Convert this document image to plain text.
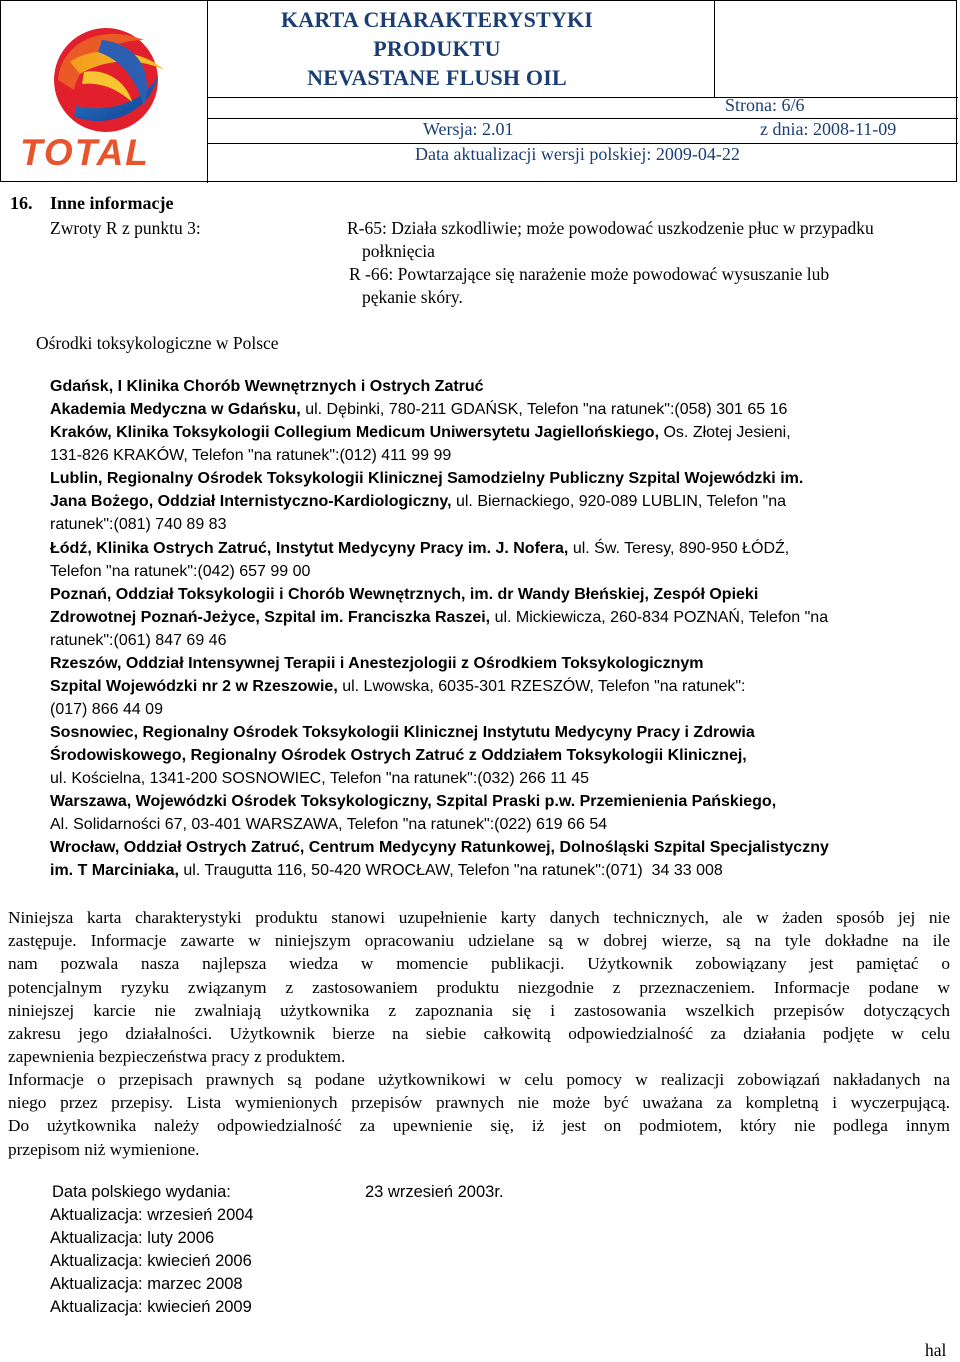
TOTAL
KARTA CHARAKTERYSTYKI
PRODUKTU
NEVASTANE FLUSH OIL
Strona: 6/6
Wersja: 2.01	z dnia: 2008-11-09
Data aktualizacji wersji polskiej: 2009-04-22
16. Inne informacje
Zwroty R z punktu 3:	R-65: Działa szkodliwie; może powodować uszkodzenie płuc w przypadku
połknięcia
R -66: Powtarzające się narażenie może powodować wysuszanie lub
pękanie skóry.
Ośrodki toksykologiczne w Polsce
Gdańsk, I Klinika Chorób Wewnętrznych i Ostrych Zatruć
Akademia Medyczna w Gdańsku, ul. Dębinki, 780-211 GDAŃSK, Telefon "na ratunek":(058) 301 65 16
Kraków, Klinika Toksykologii Collegium Medicum Uniwersytetu Jagiellońskiego, Os. Złotej Jesieni,
131-826 KRAKÓW, Telefon "na ratunek":(012) 411 99 99
Lublin, Regionalny Ośrodek Toksykologii Klinicznej Samodzielny Publiczny Szpital Wojewódzki im.
Jana Bożego, Oddział Internistyczno-Kardiologiczny, ul. Biernackiego, 920-089 LUBLIN, Telefon "na
ratunek":(081) 740 89 83
Łódź, Klinika Ostrych Zatruć, Instytut Medycyny Pracy im. J. Nofera, ul. Św. Teresy, 890-950 ŁÓDŹ,
Telefon "na ratunek":(042) 657 99 00
Poznań, Oddział Toksykologii i Chorób Wewnętrznych, im. dr Wandy Błeńskiej, Zespół Opieki
Zdrowotnej Poznań-Jeżyce, Szpital im. Franciszka Raszei, ul. Mickiewicza, 260-834 POZNAŃ, Telefon "na
ratunek":(061) 847 69 46
Rzeszów, Oddział Intensywnej Terapii i Anestezjologii z Ośrodkiem Toksykologicznym
Szpital Wojewódzki nr 2 w Rzeszowie, ul. Lwowska, 6035-301 RZESZÓW, Telefon "na ratunek":
(017) 866 44 09
Sosnowiec, Regionalny Ośrodek Toksykologii Klinicznej Instytutu Medycyny Pracy i Zdrowia
Środowiskowego, Regionalny Ośrodek Ostrych Zatruć z Oddziałem Toksykologii Klinicznej,
ul. Kościelna, 1341-200 SOSNOWIEC, Telefon "na ratunek":(032) 266 11 45
Warszawa, Wojewódzki Ośrodek Toksykologiczny, Szpital Praski p.w. Przemienienia Pańskiego,
Al. Solidarności 67, 03-401 WARSZAWA, Telefon "na ratunek":(022) 619 66 54
Wrocław, Oddział Ostrych Zatruć, Centrum Medycyny Ratunkowej, Dolnośląski Szpital Specjalistyczny
im. T Marciniaka, ul. Traugutta 116, 50-420 WROCŁAW, Telefon "na ratunek":(071)  34 33 008
Niniejsza karta charakterystyki produktu stanowi uzupełnienie karty danych technicznych, ale w żaden sposób jej nie
zastępuje. Informacje zawarte w niniejszym opracowaniu udzielane są w dobrej wierze, są na tyle dokładne na ile
nam pozwala nasza najlepsza wiedza w momencie publikacji. Użytkownik zobowiązany jest pamiętać o
potencjalnym ryzyku związanym z zastosowaniem produktu niezgodnie z przeznaczeniem. Informacje podane w
niniejszej karcie nie zwalniają użytkownika z zapoznania się i zastosowania wszelkich przepisów dotyczących
zakresu jego działalności. Użytkownik bierze na siebie całkowitą odpowiedzialność za działania podjęte w celu
zapewnienia bezpieczeństwa pracy z produktem.
Informacje o przepisach prawnych są podane użytkownikowi w celu pomocy w realizacji zobowiązań nakładanych na
niego przez przepisy. Lista wymienionych przepisów prawnych nie może być uważana za kompletną i wyczerpującą.
Do użytkownika należy odpowiedzialność za upewnienie się, iż jest on podmiotem, który nie podlega innym
przepisom niż wymienione.
Data polskiego wydania:	23 wrzesień 2003r.
Aktualizacja: wrzesień 2004
Aktualizacja: luty 2006
Aktualizacja: kwiecień 2006
Aktualizacja: marzec 2008
Aktualizacja: kwiecień 2009
hal
